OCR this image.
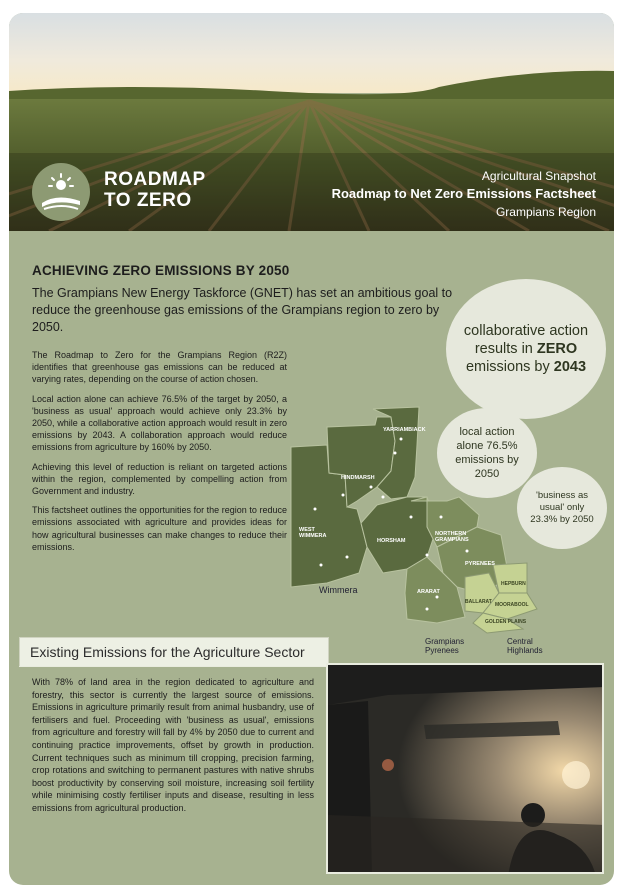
ROADMAP
TO ZERO
Agricultural Snapshot
Roadmap to Net Zero Emissions Factsheet
Grampians Region
ACHIEVING ZERO EMISSIONS BY 2050
The Grampians New Energy Taskforce (GNET) has set an ambitious goal to reduce the greenhouse gas emissions of the Grampians region to zero by 2050.

The Roadmap to Zero for the Grampians Region (R2Z) identifies that greenhouse gas emissions can be reduced at varying rates, depending on the course of action chosen.

Local action alone can achieve 76.5% of the target by 2050, a 'business as usual' approach would achieve only 23.3% by 2050, while a collaborative action approach would result in zero emissions by 2043. A collaboration approach would reduce emissions from agriculture by 160% by 2050.

Achieving this level of reduction is reliant on targeted actions within the region, complemented by compelling action from Government and industry.

This factsheet outlines the opportunities for the region to reduce emissions associated with agriculture and provides ideas for how agricultural businesses can make changes to reduce their emissions.

YARRIAMBIACK
HINDMARSH
WEST
WIMMERA
HORSHAM
NORTHERN
GRAMPIANS
PYRENEES
ARARAT
BALLARAT
HEPBURN
MOORABOOL
GOLDEN PLAINS
Wimmera
Grampians Pyrenees
Central Highlands
collaborative action results in ZERO emissions by 2043
local action alone 76.5% emissions by 2050
'business as usual' only 23.3% by 2050
Existing Emissions for the Agriculture Sector
With 78% of land area in the region dedicated to agriculture and forestry, this sector is currently the largest source of emissions. Emissions in agriculture primarily result from animal husbandry, use of fertilisers and fuel. Proceeding with 'business as usual', emissions from agriculture and forestry will fall by 4% by 2050 due to current and continuing practice improvements, offset by growth in production. Current techniques such as minimum till cropping, precision farming, crop rotations and switching to permanent pastures with native shrubs boost productivity by conserving soil moisture, increasing soil fertility while minimising costly fertiliser inputs and disease, resulting in less emissions from agricultural production.
